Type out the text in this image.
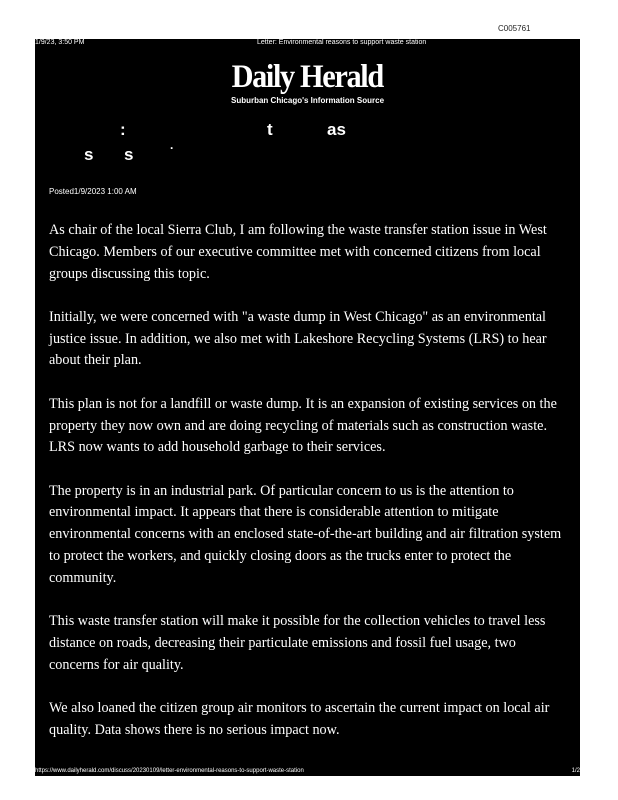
C005761
1/9/23, 3:50 PM	Letter: Environmental reasons to support waste station
Daily Herald
Suburban Chicago's Information Source
:	t	as
s s	.
Posted1/9/2023 1:00 AM

As chair of the local Sierra Club, I am following the waste transfer station issue in West Chicago. Members of our executive committee met with concerned citizens from local groups discussing this topic.

Initially, we were concerned with "a waste dump in West Chicago" as an environmental justice issue. In addition, we also met with Lakeshore Recycling Systems (LRS) to hear about their plan.

This plan is not for a landfill or waste dump. It is an expansion of existing services on the property they now own and are doing recycling of materials such as construction waste. LRS now wants to add household garbage to their services.

The property is in an industrial park. Of particular concern to us is the attention to environmental impact. It appears that there is considerable attention to mitigate environmental concerns with an enclosed state-of-the-art building and air filtration system to protect the workers, and quickly closing doors as the trucks enter to protect the community.

This waste transfer station will make it possible for the collection vehicles to travel less distance on roads, decreasing their particulate emissions and fossil fuel usage, two concerns for air quality.

We also loaned the citizen group air monitors to ascertain the current impact on local air quality. Data shows there is no serious impact now.

https://www.dailyherald.com/discuss/20230109/letter-environmental-reasons-to-support-waste-station	1/2
